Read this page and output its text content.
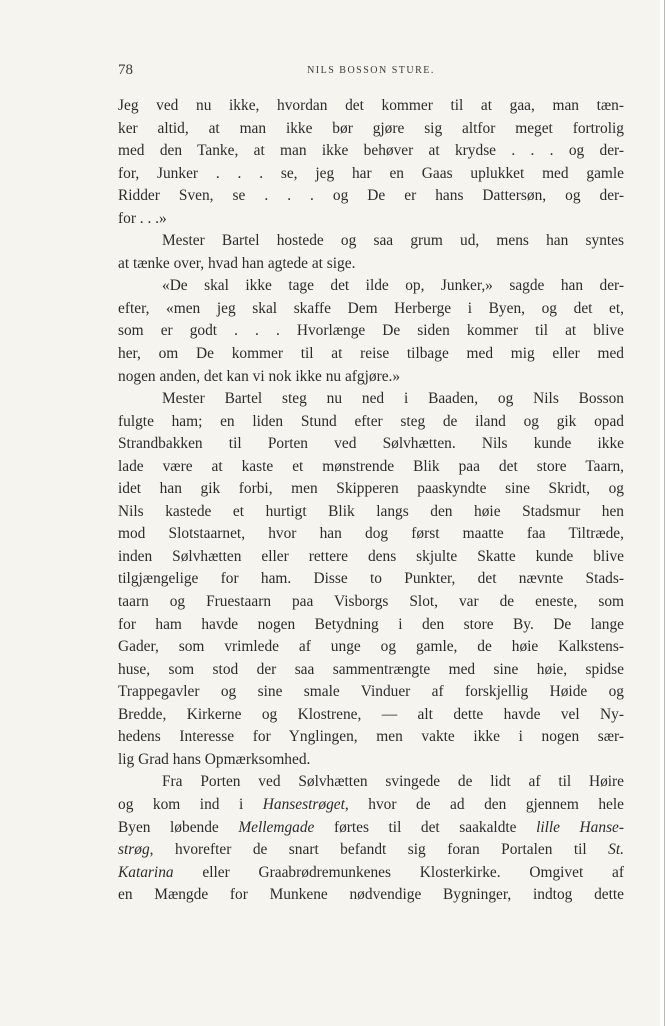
78	NILS BOSSON STURE.
Jeg ved nu ikke, hvordan det kommer til at gaa, man tæn-
ker altid, at man ikke bør gjøre sig altfor meget fortrolig
med den Tanke, at man ikke behøver at krydse . . . og der-
for, Junker . . . se, jeg har en Gaas uplukket med gamle
Ridder Sven, se . . . og De er hans Dattersøn, og der-
for . . .»
Mester Bartel hostede og saa grum ud, mens han syntes
at tænke over, hvad han agtede at sige.
«De skal ikke tage det ilde op, Junker,» sagde han der-
efter, «men jeg skal skaffe Dem Herberge i Byen, og det et,
som er godt . . . Hvorlænge De siden kommer til at blive
her, om De kommer til at reise tilbage med mig eller med
nogen anden, det kan vi nok ikke nu afgjøre.»
Mester Bartel steg nu ned i Baaden, og Nils Bosson
fulgte ham; en liden Stund efter steg de iland og gik opad
Strandbakken til Porten ved Sølvhætten. Nils kunde ikke
lade være at kaste et mønstrende Blik paa det store Taarn,
idet han gik forbi, men Skipperen paaskyndte sine Skridt, og
Nils kastede et hurtigt Blik langs den høie Stadsmur hen
mod Slotstaarnet, hvor han dog først maatte faa Tiltræde,
inden Sølvhætten eller rettere dens skjulte Skatte kunde blive
tilgjængelige for ham. Disse to Punkter, det nævnte Stads-
taarn og Fruestaarn paa Visborgs Slot, var de eneste, som
for ham havde nogen Betydning i den store By. De lange
Gader, som vrimlede af unge og gamle, de høie Kalkstens-
huse, som stod der saa sammentrængte med sine høie, spidse
Trappegavler og sine smale Vinduer af forskjellig Høide og
Bredde, Kirkerne og Klostrene, — alt dette havde vel Ny-
hedens Interesse for Ynglingen, men vakte ikke i nogen sær-
lig Grad hans Opmærksomhed.
Fra Porten ved Sølvhætten svingede de lidt af til Høire
og kom ind i Hansestrøget, hvor de ad den gjennem hele
Byen løbende Mellemgade førtes til det saakaldte lille Hanse-
strøg, hvorefter de snart befandt sig foran Portalen til St.
Katarina eller Graabrødremunkenes Klosterkirke. Omgivet af
en Mængde for Munkene nødvendige Bygninger, indtog dette
